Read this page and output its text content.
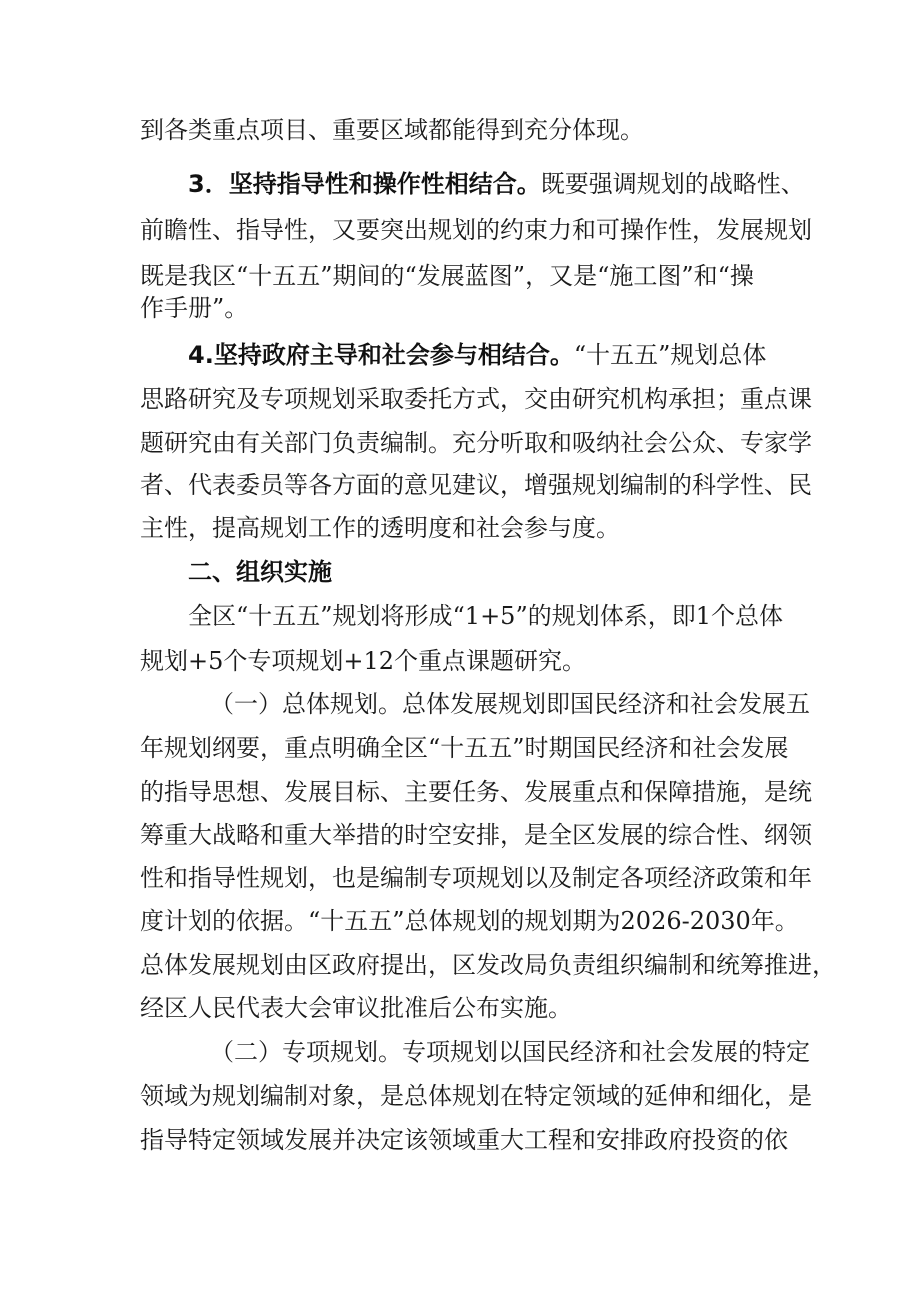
到各类重点项目、重要区域都能得到充分体现。

3．坚持指导性和操作性相结合。既要强调规划的战略性、

前瞻性、指导性，又要突出规划的约束力和可操作性，发展规划

既是我区“十五五”期间的“发展蓝图”，又是“施工图”和“操

作手册”。

4.坚持政府主导和社会参与相结合。“十五五”规划总体

思路研究及专项规划采取委托方式，交由研究机构承担；重点课

题研究由有关部门负责编制。充分听取和吸纳社会公众、专家学

者、代表委员等各方面的意见建议，增强规划编制的科学性、民

主性，提高规划工作的透明度和社会参与度。

二、组织实施

全区“十五五”规划将形成“1+5”的规划体系，即1个总体

规划+5个专项规划+12个重点课题研究。

（一）总体规划。总体发展规划即国民经济和社会发展五

年规划纲要，重点明确全区“十五五”时期国民经济和社会发展

的指导思想、发展目标、主要任务、发展重点和保障措施，是统

筹重大战略和重大举措的时空安排，是全区发展的综合性、纲领

性和指导性规划，也是编制专项规划以及制定各项经济政策和年

度计划的依据。“十五五”总体规划的规划期为2026-2030年。

总体发展规划由区政府提出，区发改局负责组织编制和统筹推进，

经区人民代表大会审议批准后公布实施。

（二）专项规划。专项规划以国民经济和社会发展的特定

领域为规划编制对象，是总体规划在特定领域的延伸和细化，是

指导特定领域发展并决定该领域重大工程和安排政府投资的依
